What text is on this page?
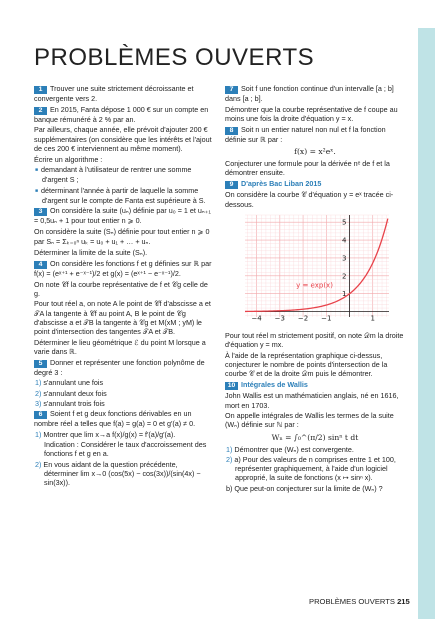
PROBLÈMES OUVERTS

1 Trouver une suite strictement décroissante et convergente vers 2.

2 En 2015, Fanta dépose 1 000 € sur un compte en banque rémunéré à 2 % par an.

Par ailleurs, chaque année, elle prévoit d'ajouter 200 € supplémentaires (on considère que les intérêts et l'ajout de ces 200 € interviennent au même moment).

Écrire un algorithme :

■ demandant à l'utilisateur de rentrer une somme d'argent S ;

■ déterminant l'année à partir de laquelle la somme d'argent sur le compte de Fanta est supérieure à S.

3 On considère la suite (uₙ) définie par u₀ = 1 et uₙ₊₁ = 0,5uₙ + 1 pour tout entier n ⩾ 0.

On considère la suite (Sₙ) définie pour tout entier n ⩾ 0

par Sₙ = Σₖ₌₀ⁿ uₖ = u₀ + u₁ + … + uₙ.

Déterminer la limite de la suite (Sₙ).

4 On considère les fonctions f et g définies sur ℝ par f(x) = (eˣ⁺¹ + e⁻ˣ⁻¹)/2 et g(x) = (eˣ⁺¹ − e⁻ˣ⁻¹)/2.

On note 𝒞f la courbe représentative de f et 𝒞g celle de g.

Pour tout réel a, on note A le point de 𝒞f d'abscisse a et 𝒯A la tangente à 𝒞f au point A, B le point de 𝒞g d'abscisse a et 𝒯B la tangente à 𝒞g et M(xM ; yM) le point d'intersection des tangentes 𝒯A et 𝒯B.

Déterminer le lieu géométrique ℰ du point M lorsque a varie dans ℝ.

5 Donner et représenter une fonction polynôme de degré 3 :

1) s'annulant une fois

2) s'annulant deux fois

3) s'annulant trois fois

6 Soient f et g deux fonctions dérivables en un nombre réel a telles que f(a) = g(a) = 0 et g′(a) ≠ 0.

1) Montrer que lim x→a f(x)/g(x) = f′(a)/g′(a).

Indication : Considérer le taux d'accroissement des fonctions f et g en a.

2) En vous aidant de la question précédente, déterminer lim x→0 (cos(5x) − cos(3x))/(sin(4x) − sin(3x)).

7 Soit f une fonction continue d'un intervalle [a ; b] dans [a ; b].

Démontrer que la courbe représentative de f coupe au moins une fois la droite d'équation y = x.

8 Soit n un entier naturel non nul et f la fonction définie sur ℝ par :

f(x) = x²eˣ.

Conjecturer une formule pour la dérivée nᵉ de f et la démontrer ensuite.

9 D'après Bac Liban 2015

On considère la courbe 𝒞 d'équation y = eˣ tracée ci-dessous.

−4 −3 −2 −1	1
1
2
3
4
5
y = exp(x)

Pour tout réel m strictement positif, on note 𝒟m la droite d'équation y = mx.

À l'aide de la représentation graphique ci-dessus, conjecturer le nombre de points d'intersection de la courbe 𝒞 et de la droite 𝒟m puis le démontrer.

10 Intégrales de Wallis

John Wallis est un mathématicien anglais, né en 1616, mort en 1703.

On appelle intégrales de Wallis les termes de la suite (Wₙ) définie sur ℕ par :

Wₙ = ∫₀^(π/2) sinⁿ t dt

1) Démontrer que (Wₙ) est convergente.

2) a) Pour des valeurs de n comprises entre 1 et 100, représenter graphiquement, à l'aide d'un logiciel approprié, la suite de fonctions (x ↦ sinⁿ x).

b) Que peut-on conjecturer sur la limite de (Wₙ) ?

PROBLÈMES OUVERTS 215
